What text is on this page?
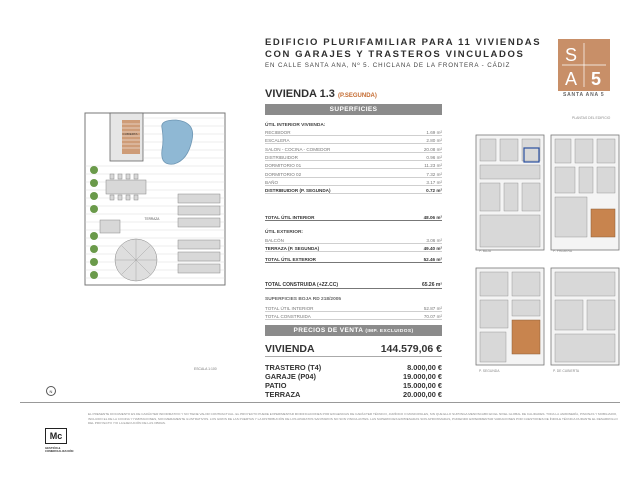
EDIFICIO PLURIFAMILIAR PARA 11 VIVIENDAS
CON GARAJES Y TRASTEROS VINCULADOS
EN CALLE SANTA ANA, Nº 5. CHICLANA DE LA FRONTERA - CÁDIZ
S
A 5
SANTA ANA 5
VIVIENDA 1.3 (P.SEGUNDA)
SUPERFICIES
ÚTIL INTERIOR VIVIENDA:
RECIBIDOR	1.69 m²
ESCALERA	2.80 m²
SALON - COCINA - COMEDOR	20.08 m²
DISTRIBUIDOR	0.96 m²
DORMITORIO 01	11.23 m²
DORMITORIO 02	7.32 m²
BAÑO	3.17 m²
DISTRIBUIDOR (P. SEGUNDA)	0.72 m²
TOTAL ÚTIL INTERIOR	48.06 m²
ÚTIL EXTERIOR:
BALCÓN	3.06 m²
TERRAZA (P. SEGUNDA)	49.40 m²
TOTAL ÚTIL EXTERIOR	52.46 m²
TOTAL CONSTRUIDA (+ZZ.CC)	65.26 m²
SUPERFICIES BOJA RD 218/2005
TOTAL ÚTIL INTERIOR	52.87 m²
TOTAL CONSTRUIDA	70.07 m²
PRECIOS DE VENTA (IMP. EXCLUIDOS)
VIVIENDA	144.579,06 €
TRASTERO (T4)	8.000,00 €
GARAJE (P04)	19.000,00 €
PATIO	15.000,00 €
TERRAZA	20.000,00 €
CUBIERTA
TERRAZA
ESCALA 1:100
N
PLANTAS DEL EDIFICIO
P. BAJA	P. PRIMERA
P. SEGUNDA	P. DE CUBIERTA
Mc
GESTIÓN &
COMERCIALIZACIÓN
EL PRESENTE DOCUMENTO ES DE CARÁCTER INFORMATIVO Y NO TIENE VALOR CONTRACTUAL. EL PROYECTO PUEDE EXPERIMENTAR MODIFICACIONES POR EXIGENCIAS DE CARÁCTER TÉCNICO, JURÍDICO O MUNICIPALES, SIN QUE ELLO SUPONGA MENOSCABO EN EL NIVEL GLOBAL DE CALIDADES. TODA LA JARDINERÍA, PISCINAS Y MOBILIARIO, INCLUIDO EL DE LA COCINA Y HABITACIONES, SON MERAMENTE ILUSTRATIVOS. LOS GIROS DE LAS PUERTAS Y LA DISTRIBUCIÓN DE LOS APARATOS SANITARIOS NO SON VINCULANTES. LAS SUPERFICIES EXPRESADAS SON APROXIMADAS, PUDIENDO EXPERIMENTAR VARIACIONES POR CUESTIONES DE ÍNDOLE TÉCNICA DURANTE EL DESARROLLO DEL PROYECTO Y/O LA EJECUCIÓN DE LAS OBRAS.
